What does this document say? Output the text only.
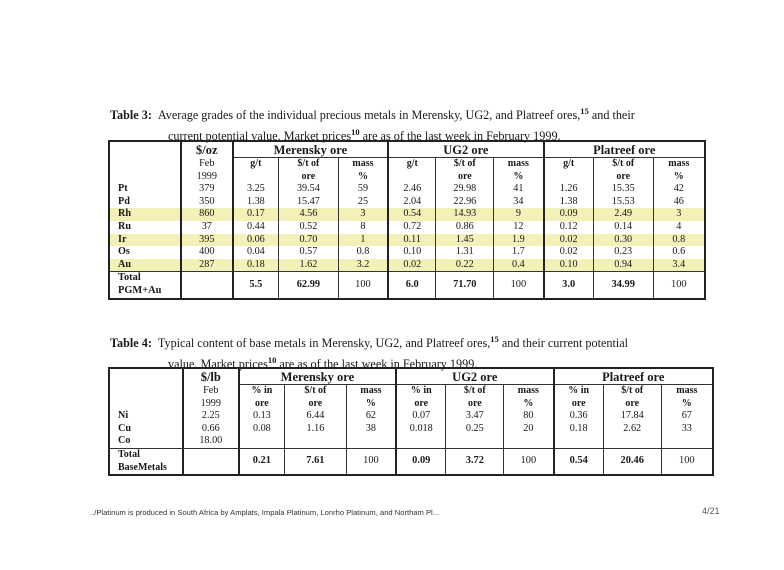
Table 3: Average grades of the individual precious metals in Merensky, UG2, and Platreef ores,$^{15}$ and their
current potential value. Market prices$^{10}$ are as of the last week in February 1999.
	$/oz	Merensky ore			UG2 ore			Platreef ore		
	Feb	g/t	$/t of	mass	g/t	$/t of	mass	g/t	$/t of	mass
	1999		ore	%		ore	%		ore	%
Pt	379	3.25	39.54	59	2.46	29.98	41	1.26	15.35	42
Pd	350	1.38	15.47	25	2.04	22.96	34	1.38	15.53	46
Rh	860	0.17	4.56	3	0.54	14.93	9	0.09	2.49	3
Ru	37	0.44	0.52	8	0.72	0.86	12	0.12	0.14	4
Ir	395	0.06	0.70	1	0.11	1.45	1.9	0.02	0.30	0.8
Os	400	0.04	0.57	0.8	0.10	1.31	1.7	0.02	0.23	0.6
Au	287	0.18	1.62	3.2	0.02	0.22	0.4	0.10	0.94	3.4
Total
PGM+Au		5.5	62.99	100	6.0	71.70	100	3.0	34.99	100
Table 4: Typical content of base metals in Merensky, UG2, and Platreef ores,$^{15}$ and their current potential
value. Market prices$^{10}$ are as of the last week in February 1999.
	$/lb	Merensky ore			UG2 ore			Platreef ore		
	Feb	% in	$/t of	mass	% in	$/t of	mass	% in	$/t of	mass
	1999	ore	ore	%	ore	ore	%	ore	ore	%
Ni	2.25	0.13	6.44	62	0.07	3.47	80	0.36	17.84	67
Cu	0.66	0.08	1.16	38	0.018	0.25	20	0.18	2.62	33
Co	18.00									
Total
BaseMetals		0.21	7.61	100	0.09	3.72	100	0.54	20.46	100
../Platinum is produced in South Africa by Amplats, Impala Platinum, Lonrho Platinum, and Northam Pl...	4/21
